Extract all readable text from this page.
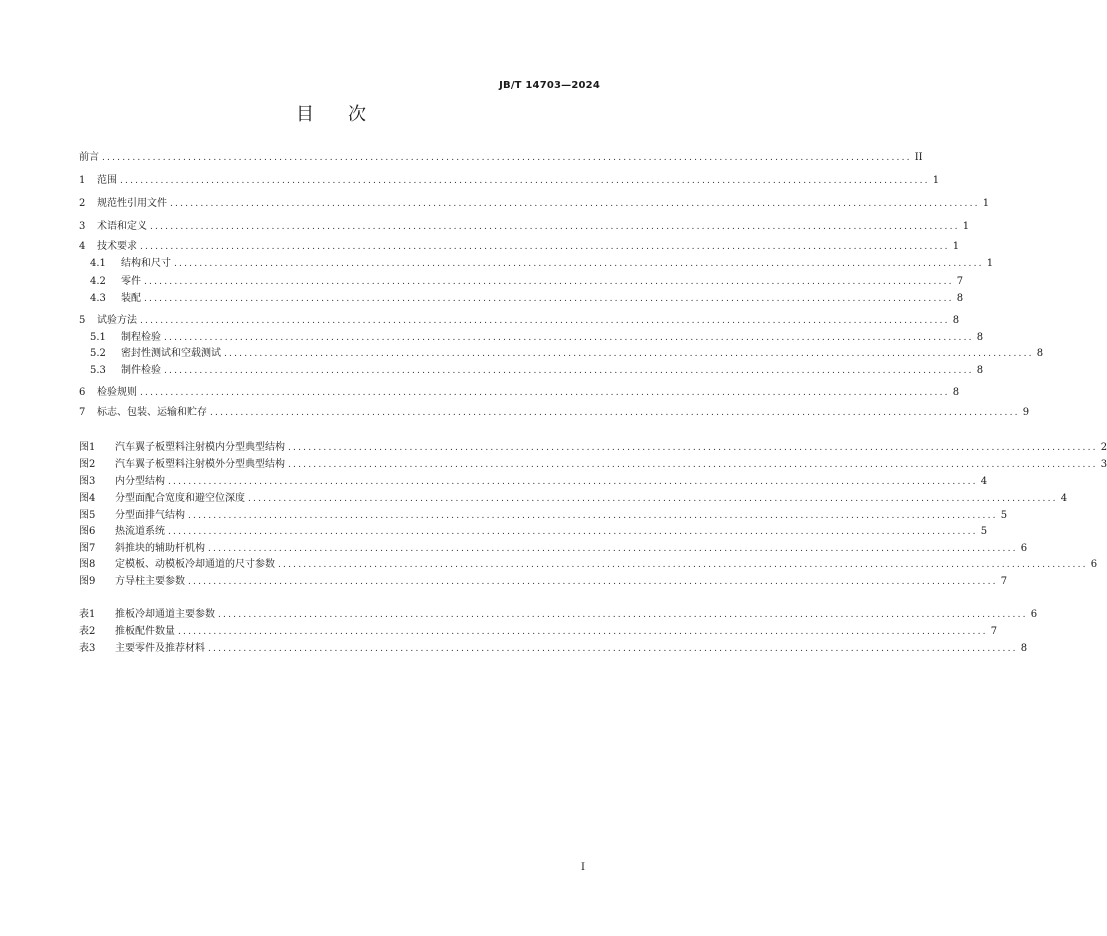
JB/T 14703—2024
目 次
前言 ................................................................................................................................................................ II
1	范围 ................................................................................................................................................................ 1
2	规范性引用文件 ................................................................................................................................................................ 1
3	术语和定义 ................................................................................................................................................................ 1
4	技术要求 ................................................................................................................................................................ 1
4.1	结构和尺寸 ................................................................................................................................................................ 1
4.2	零件 ................................................................................................................................................................ 7
4.3	装配 ................................................................................................................................................................ 8
5	试验方法 ................................................................................................................................................................ 8
5.1	制程检验 ................................................................................................................................................................ 8
5.2	密封性测试和空载测试 ................................................................................................................................................................ 8
5.3	制件检验 ................................................................................................................................................................ 8
6	检验规则 ................................................................................................................................................................ 8
7	标志、包装、运输和贮存 ................................................................................................................................................................ 9
图1	汽车翼子板塑料注射模内分型典型结构 ................................................................................................................................................................ 2
图2	汽车翼子板塑料注射模外分型典型结构 ................................................................................................................................................................ 3
图3	内分型结构 ................................................................................................................................................................ 4
图4	分型面配合宽度和避空位深度 ................................................................................................................................................................ 4
图5	分型面排气结构 ................................................................................................................................................................ 5
图6	热流道系统 ................................................................................................................................................................ 5
图7	斜推块的辅助杆机构 ................................................................................................................................................................ 6
图8	定模板、动模板冷却通道的尺寸参数 ................................................................................................................................................................ 6
图9	方导柱主要参数 ................................................................................................................................................................ 7
表1	推板冷却通道主要参数 ................................................................................................................................................................ 6
表2	推板配件数量 ................................................................................................................................................................ 7
表3	主要零件及推荐材料 ................................................................................................................................................................ 8
I
